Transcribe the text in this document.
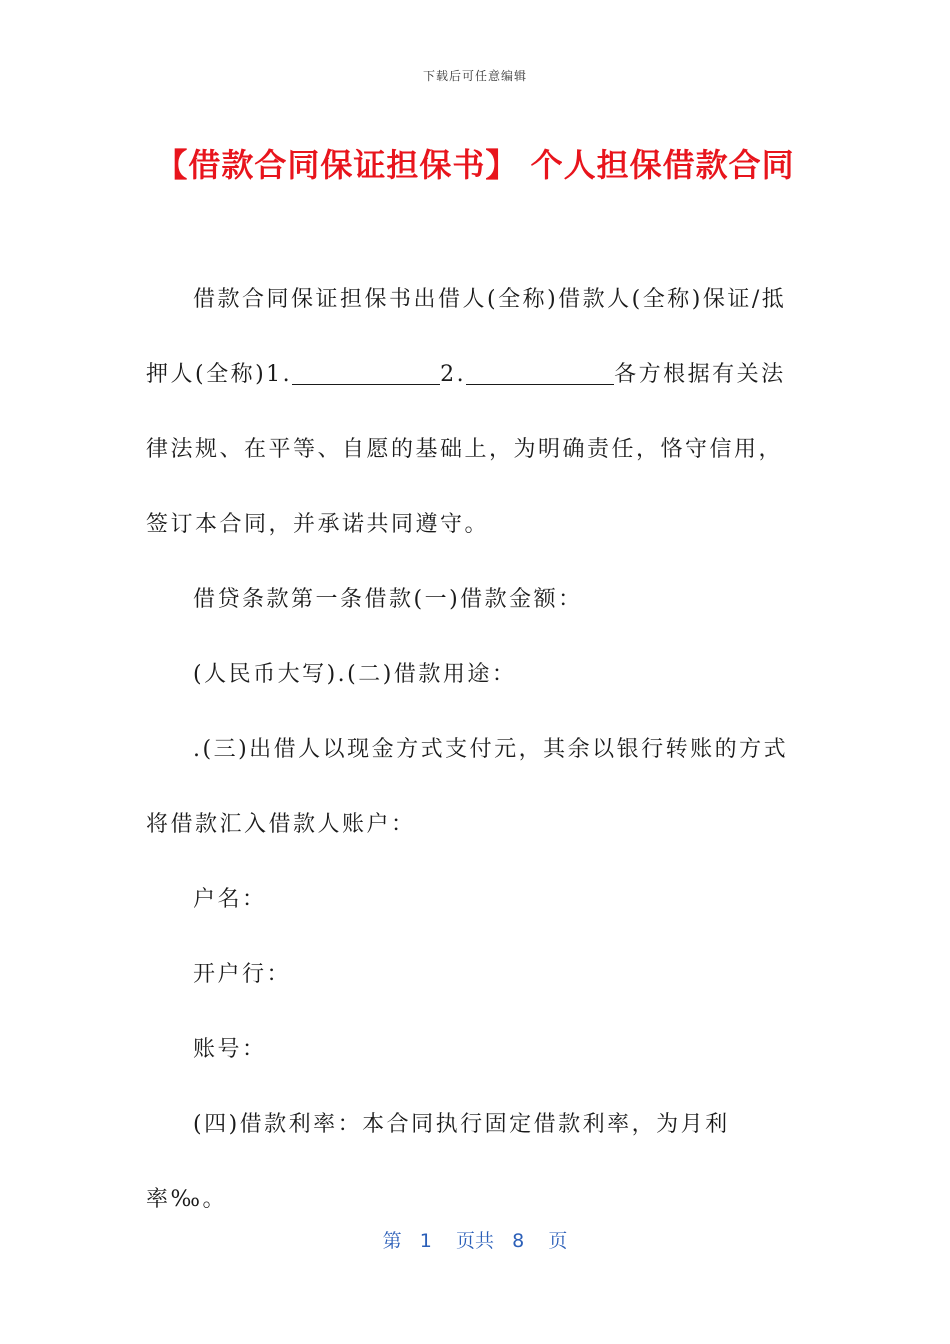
下载后可任意编辑
【借款合同保证担保书】 个人担保借款合同

借款合同保证担保书出借人(全称)借款人(全称)保证/抵押人(全称)1.	2.	各方根据有关法律法规、在平等、自愿的基础上，为明确责任，恪守信用，签订本合同，并承诺共同遵守。

借贷条款第一条借款(一)借款金额：

(人民币大写).(二)借款用途：

.(三)出借人以现金方式支付元，其余以银行转账的方式将借款汇入借款人账户：

户名：

开户行：

账号：

(四)借款利率：本合同执行固定借款利率，为月利率‰。

第 1 页共 8 页
